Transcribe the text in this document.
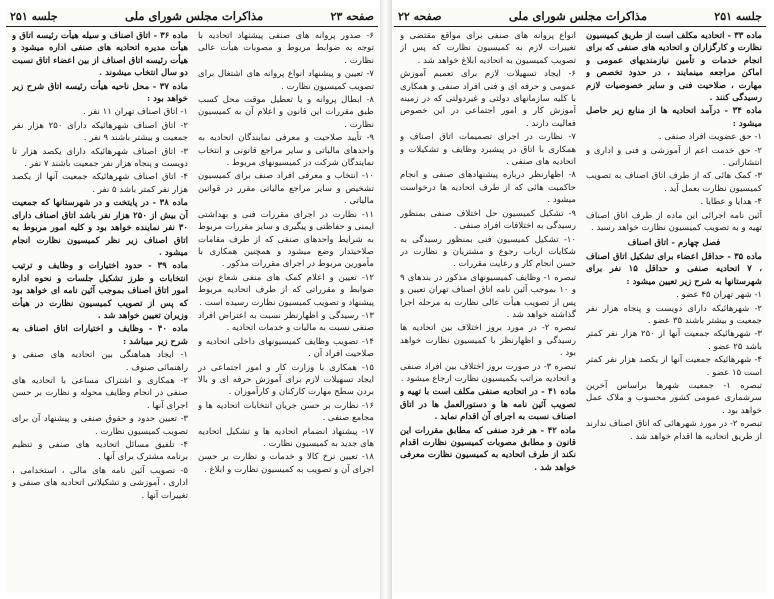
صفحه ۲۳
مذاکرات مجلس شورای ملی
جلسه ۲۵۱

۶- صدور پروانه های صنفی پیشنهاد اتحادیه با توجه به ضوابط مربوط و مصوبات هیأت عالی نظارت .

۷- تعیین و پیشنهاد انواع پروانه های اشتغال برای تصویب کمیسیون نظارت .

۸- ابطال پروانه و یا تعطیل موقت محل کسب طبق مقررات این قانون و اعلام آن به کمیسیون نظارت .

۹- تأیید صلاحیت و معرفی نمایندگان اتحادیه به واحدهای مالیاتی و سایر مراجع قانونی و انتخاب نمایندگان شرکت در کمیسیونهای مربوط .

۱۰- انتخاب و معرفی افراد صنف برای کمیسیون تشخیص و سایر مراجع مالیاتی مقرر در قوانین مالیاتی .

۱۱- نظارت در اجرای مقررات فنی و بهداشتی ایمنی و حفاظتی و پیگیری و سایر مقررات مربوط به شرایط واحدهای صنفی که از طرف مقامات صلاحیتدار وضع میشود و همچنین همکاری با مأمورین مربوط در اجرای مقررات مذکور .

۱۲- تعیین و اعلام کمک های منفی شعاع نوین ضوابط و مقرراتی که از طرف اتحادیه مربوط پیشنهاد و تصویب کمیسیون نظارت رسیده است .

۱۳- رسیدگی و اظهارنظر نسبت به اعتراض افراد صنفی نسبت به مالیات و خدمات اتحادیه .

۱۴- تصویب وظایف کمیسیونهای داخلی اتحادیه و صلاحیت افراد آن .

۱۵- همکاری با وزارت کار و امور اجتماعی در ایجاد تسهیلات لازم برای آموزش حرفه ای و بالا بردن سطح مهارت کارکنان و کارآموزان .

۱۶- نظارت بر حسن جریان انتخابات اتحادیه ها و مجامع صنفی .

۱۷- پیشنهاد انضمام اتحادیه ها و تشکیل اتحادیه های جدید به کمیسیون نظارت .

۱۸- تعیین نرخ کالا و خدمات و نظارت بر حسن اجرای آن و تصویب به کمیسیون نظارت و ابلاغ .

ماده ۳۶ - اتاق اصناف و سیله هیأت رئیسه اتاق و هیأت مدیره اتحادیه های صنفی اداره میشود و هیأت رئیسه اتاق اصناف از بین اعضاء اتاق نسبت دو سال انتخاب میشوند .

ماده ۳۷ - محل ناحیه هیأت رئیسه اتاق شرح زیر خواهد بود :

۱- اتاق اصناف تهران ۱۱ نفر .

۲- اتاق اصناف شهرهائیکه دارای ۲۵۰ هزار نفر جمعیت و بیشتر باشند ۹ نفر .

۳- اتاق اصناف شهرهائیکه دارای یکصد هزار تا دویست و پنجاه هزار نفر جمعیت باشند ۷ نفر .

۴- اتاق اصناف شهرهائیکه جمعیت آنها از یکصد هزار نفر کمتر باشد ۵ نفر .

ماده ۳۸ - در پایتخت و در شهرستانها که جمعیت آن بیش از ۲۵۰ هزار نفر باشد اتاق اصناف دارای ۳۰ نفر نماینده خواهد بود و کلیه امور مربوط به اتاق اصناف زیر نظر کمیسیون نظارت انجام میشود .

ماده ۳۹ - حدود اختیارات و وظایف و ترتیب انتخابات و طرز تشکیل جلسات و نحوه اداره امور اتاق اصناف بموجب آئین نامه ای خواهد بود که پس از تصویب کمیسیون نظارت در هیأت وزیران تعیین خواهد شد .

ماده ۴۰ - وظایف و اختیارات اتاق اصناف به شرح زیر میباشد :

۱- ایجاد هماهنگی بین اتحادیه های صنفی و راهنمائی صنوف .

۲- همکاری و اشتراک مساعی با اتحادیه های صنفی در انجام وظایف محوله و نظارت بر حسن اجرای آنها .

۳- تعیین حدود و حقوق صنفی و پیشنهاد آن برای تصویب کمیسیون نظارت .

۴- تلفیق مسائل اتحادیه های صنفی و تنظیم برنامه مشترک برای آنها .

۵- تصویب آئین نامه های مالی ، استخدامی ، اداری ، آموزشی و تشکیلاتی اتحادیه های صنفی و تغییرات آنها .

جلسه ۲۵۱
مذاکرات مجلس شورای ملی
صفحه ۲۲

ماده ۳۳ - اتحادیه مکلف است از طریق کمیسیون نظارت و کارگزاران و اتحادیه های صنفی که برای انجام خدمات و تأمین نیازمندیهای عمومی و اماکن مراجعه مینمایند ، در حدود تخصص و مهارت ، صلاحیت فنی و سایر خصوصیات لازم رسیدگی کنند .

ماده ۳۴ - درآمد اتحادیه ها از منابع زیر حاصل میشود :

۱- حق عضویت افراد صنفی .

۲- حق خدمت اعم از آموزشی و فنی و اداری و انتشاراتی .

۳- کمک هائی که از طرف اتاق اصناف به تصویب کمیسیون نظارت بعمل آید .

۴- هدایا و عطایا .

آئین نامه اجرائی این ماده از طرف اتاق اصناف تهیه و به تصویب کمیسیون نظارت خواهد رسید .

فصل چهارم - اتاق اصناف

ماده ۳۵ - حداقل اعضاء برای تشکیل اتاق اصناف ، ۷ اتحادیه صنفی و حداقل ۱۵ نفر برای شهرستانها به شرح زیر تعیین میشود :

۱- شهر تهران ۴۵ عضو .

۲- شهرهائیکه دارای دویست و پنجاه هزار نفر جمعیت و بیشتر باشند ۳۵ عضو .

۳- شهرهائیکه جمعیت آنها از ۲۵۰ هزار نفر کمتر باشد ۲۵ عضو .

۴- شهرهائیکه جمعیت آنها از یکصد هزار نفر کمتر است ۱۵ عضو .

تبصره ۱- جمعیت شهرها براساس آخرین سرشماری عمومی کشور محسوب و ملاک عمل خواهد بود .

تبصره ۲- در مورد شهرهائی که اتاق اصناف ندارند از طریق اتحادیه ها اقدام خواهد شد .

انواع پروانه های صنفی برای مواقع مقتضی و تغییرات لازم به کمیسیون نظارت که پس از تصویب کمیسیون به اتحادیه ابلاغ خواهد شد .

۶- ایجاد تسهیلات لازم برای تعمیم آموزش عمومی و حرفه ای و فنی افراد صنفی و همکاری با کلیه سازمانهای دولتی و غیردولتی که در زمینه آموزش کار و امور اجتماعی در این خصوص فعالیت دارند .

۷- نظارت در اجرای تصمیمات اتاق اصناف و همکاری با اتاق در پیشبرد وظایف و تشکیلات و اتحادیه های صنفی .

۸- اظهارنظر درباره پیشنهادهای صنفی و انجام حاکمیت هائی که از طرف اتحادیه ها درخواست میشود .

۹- تشکیل کمیسیون حل اختلاف صنفی بمنظور رسیدگی به اختلافات افراد صنفی .

۱۰- تشکیل کمیسیون فنی بمنظور رسیدگی به شکایات ارباب رجوع و مشتریان و نظارت در حسن انجام کار و رعایت مقررات .

تبصره ۱- وظایف کمیسیونهای مذکور در بندهای ۹ و ۱۰ بموجب آئین نامه اتاق اصناف تهران تعیین و پس از تصویب هیأت عالی نظارت به مرحله اجرا گذاشته خواهد شد .

تبصره ۲- در مورد بروز اختلاف بین اتحادیه ها رسیدگی و اظهارنظر با کمیسیون نظارت خواهد بود .

تبصره ۳- در صورت بروز اختلاف بین افراد صنفی و اتحادیه مراتب بکمیسیون نظارت ارجاع میشود .

ماده ۴۱ - در اتحادیه صنفی مکلف است با تهیه و تصویب آئین نامه ها و دستورالعمل ها در اتاق اصناف نسبت به اجرای آن اقدام نماید .

ماده ۴۲ - هر فرد صنفی که مطابق مقررات این قانون و مطابق مصوبات کمیسیون نظارت اقدام نکند از طرف اتحادیه به کمیسیون نظارت معرفی خواهد شد .
